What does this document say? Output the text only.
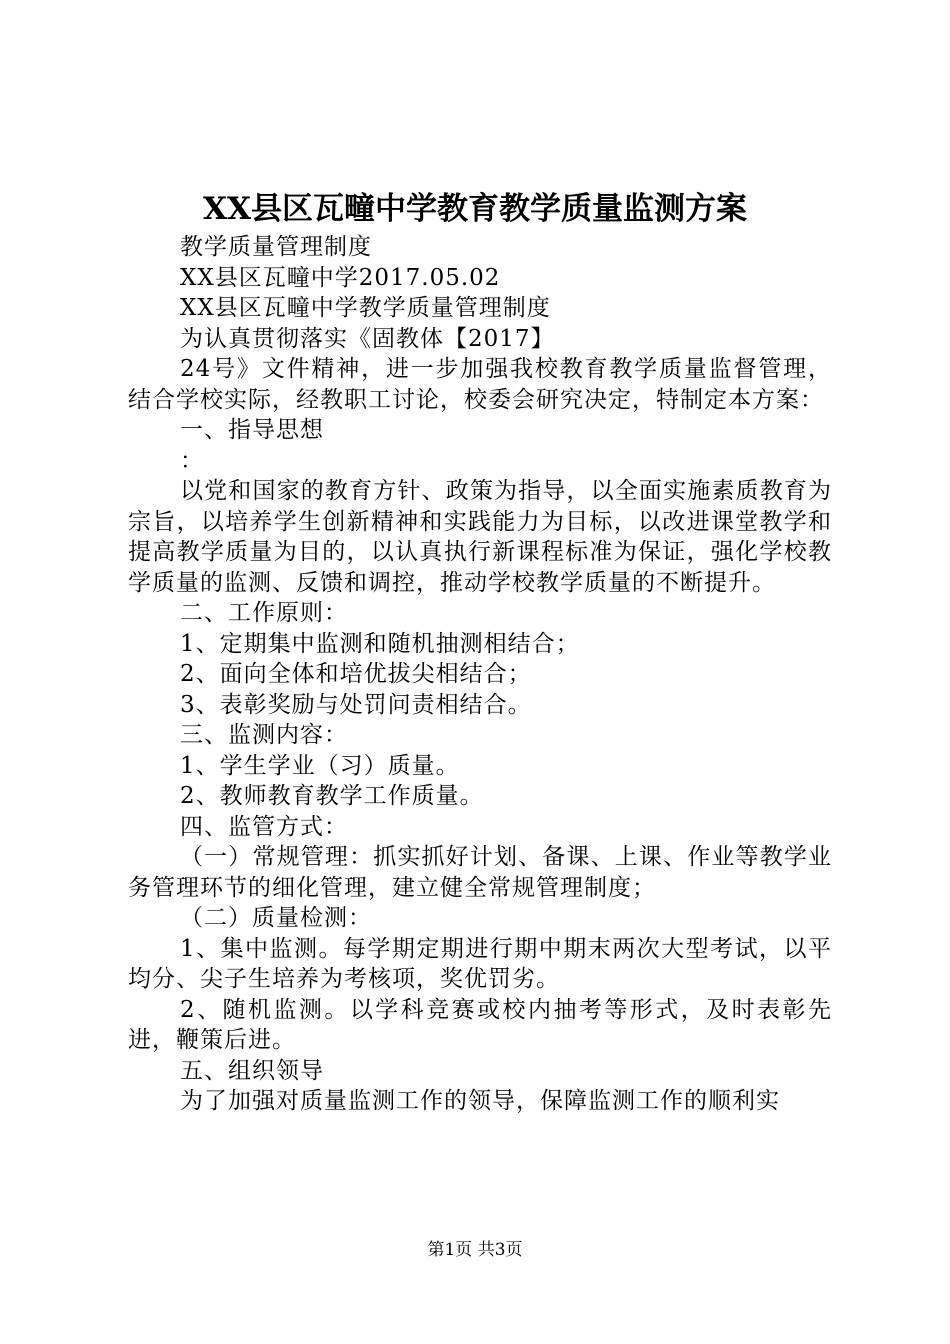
XX县区瓦疃中学教育教学质量监测方案

教学质量管理制度

XX县区瓦疃中学2017.05.02

XX县区瓦疃中学教学质量管理制度

为认真贯彻落实《固教体【2017】

24号》文件精神，进一步加强我校教育教学质量监督管理，结合学校实际，经教职工讨论，校委会研究决定，特制定本方案：

一、指导思想

：

以党和国家的教育方针、政策为指导，以全面实施素质教育为宗旨，以培养学生创新精神和实践能力为目标，以改进课堂教学和提高教学质量为目的，以认真执行新课程标准为保证，强化学校教学质量的监测、反馈和调控，推动学校教学质量的不断提升。

二、工作原则：

1、定期集中监测和随机抽测相结合；

2、面向全体和培优拔尖相结合；

3、表彰奖励与处罚问责相结合。

三、监测内容：

1、学生学业（习）质量。

2、教师教育教学工作质量。

四、监管方式：

（一）常规管理：抓实抓好计划、备课、上课、作业等教学业务管理环节的细化管理，建立健全常规管理制度；

（二）质量检测：

1、集中监测。每学期定期进行期中期末两次大型考试，以平均分、尖子生培养为考核项，奖优罚劣。

2、随机监测。以学科竞赛或校内抽考等形式，及时表彰先进，鞭策后进。

五、组织领导

为了加强对质量监测工作的领导，保障监测工作的顺利实

第1页 共3页
